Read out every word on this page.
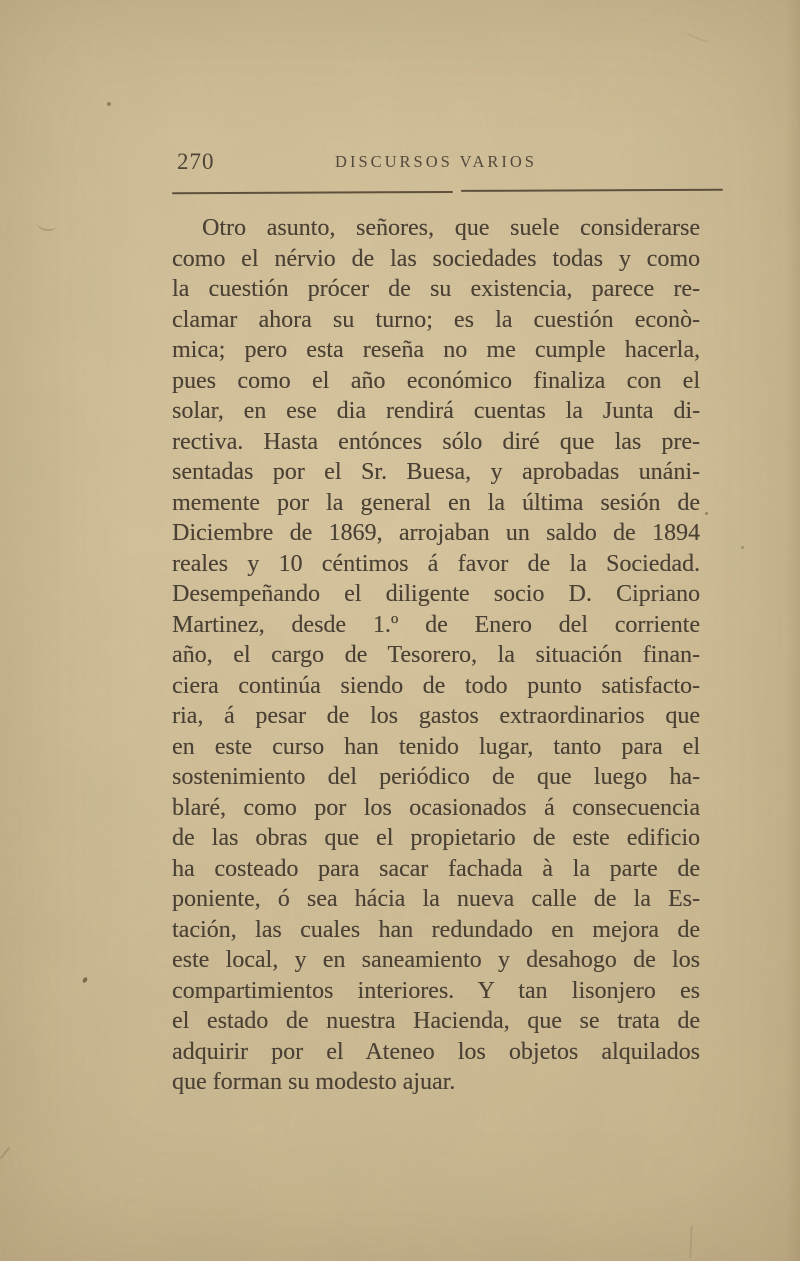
270	DISCURSOS VARIOS
Otro asunto, señores, que suele considerarse
como el nérvio de las sociedades todas y como
la cuestión prócer de su existencia, parece re-
clamar ahora su turno; es la cuestión econò-
mica; pero esta reseña no me cumple hacerla,
pues como el año económico finaliza con el
solar, en ese dia rendirá cuentas la Junta di-
rectiva. Hasta entónces sólo diré que las pre-
sentadas por el Sr. Buesa, y aprobadas unáni-
memente por la general en la última sesión de
Diciembre de 1869, arrojaban un saldo de 1894
reales y 10 céntimos á favor de la Sociedad.
Desempeñando el diligente socio D. Cipriano
Martinez, desde 1.º de Enero del corriente
año, el cargo de Tesorero, la situación finan-
ciera continúa siendo de todo punto satisfacto-
ria, á pesar de los gastos extraordinarios que
en este curso han tenido lugar, tanto para el
sostenimiento del periódico de que luego ha-
blaré, como por los ocasionados á consecuencia
de las obras que el propietario de este edificio
ha costeado para sacar fachada à la parte de
poniente, ó sea hácia la nueva calle de la Es-
tación, las cuales han redundado en mejora de
este local, y en saneamiento y desahogo de los
compartimientos interiores. Y tan lisonjero es
el estado de nuestra Hacienda, que se trata de
adquirir por el Ateneo los objetos alquilados
que forman su modesto ajuar.
